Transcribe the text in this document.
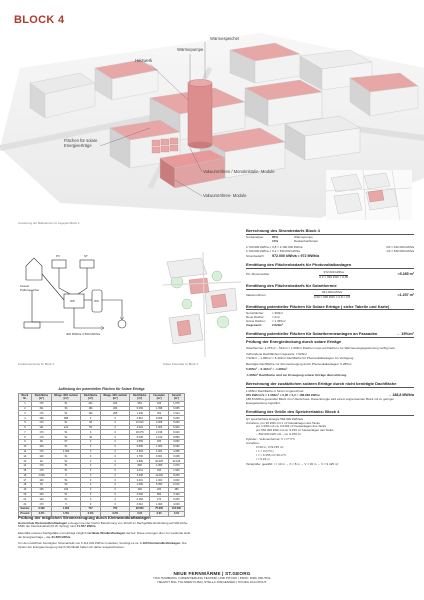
BLOCK 4
Wärmespeicher
Wärmepumpe
Heizwerk
Flächen für solare
Energieerträge
Vakuumröhren / Monokristalin- Module
Vakuumröhren- Module
Umsetzung der Maßnahmen im Lageplan Block 4
PV	ST
WP	WS
Kessel
Pufferspeicher
400 MWh/a 3.500 MWh/a
Funktionsschema für Block 4	Solare Potentiale im Block 4
Auflistung der potentiellen Flächen für Solare Erträge
Block Nr.	Dachfläche [m²]	Wrapp. 30% nutzbar [m²]	Dachfläche [m²]	Wrapp. 30% nutzbar [m²]	Dachfläche [m²]	Fassaden [m²]	Gesamt [m²]
1	170	51	221	223	664	434	1.076
2	311	93	181	264	6.009	1.098	9.065
3	170	51	191	265	1.136	302	1.614
4	169	988	0	0	4.516	9.008	5.060
5	170	51	28	0	13.010	2.065	9.009
6	131	121	56	0	4.024	1.900	5.900
7	170	51	0	0	18.076	2.198	9.040
8	170	51	40	0	9.038	1.109	8.880
9	90	57	0	0	4.509	400	4.830
10	100	51	0	0	9.506	1.003	8.092
11	170	1.000	0	0	2.304	1.001	4.086
12	140	61	0	0	1.700	9.001	9.008
13	40	51	0	0	2.806	40.025	44.105
14	170	51	0	0	800	1.060	1.070
15	170	51	0	0	1.011	910	1.900
16	1.009	0	0	0	3.008	11.000	8.050
17	100	51	0	0	2.001	1.000	3.000
18	40	50	0	0	1.006	6.050	8.010
19	125	190	0	0	400	200	480
20	130	51	0	0	3.000	800	3.100
21	120	51	0	0	6.160	170	6.000
22	170	5	0	0	3.010	1.000	4.030
Summe	3.109	1.600	717	752	93.000	75.000	154.000
Prozent	2.4%	1.6%	0.2%	0.2%	0.04	0.03	0.04
Prüfung der möglichen Stromerzeugung durch Kleinwindkraftanlagen
Horizontale Kleinwindkraftanlagen erzeugen bei der hierfür Berechnung von 19 kW im Dachgefälle Einbindung auf 300 Höhe MWh der Kleinwindkraft (Kl.W. Spring) rund 71.557 kWh/a
Ebenfalls unseres Dachgefälle und einträgt möglich vertikale Windkraftanlagen derzeit. Diese erzeugen über zur Laufende Höfe der Energieerträge ~ ca. 31.680 kWh/a
Um den restlichen benötigten Stromanteils von 6.114.034 kWh/a zu decken, benötigt es ca. 1.190 Kleinwindkraftanlagen. Die Option der Energieerzeugung durch Windkraft haben wir daher ausgeschlossen.
Berechnung des Strombedarfs Block 4
Grobanalyse:	85%	Wärmepumpe
15%	Deckenheizkörper
2.700.000 kWh/a × 0,8 = 2.160.000 kWh/a	2/3 = 432.000 kWh/a
2.700.000 kWh/a × 0,2 = 540.000 kWh/a	1/3 = 540.000 kWh/a
Strombedarf=	972.000 kWh/a ≈ 972 MWh/a
Ermittlung des Flächenbedarfs für Photovoltaikanlagen
PV- Monomodule:	$\frac{\text{972.000 kWh/a}}{\text{0,2 × 990 kWh × 0,95}}$	≈5.285 m²
Ermittlung des Flächenbedarfs für Solarthermie
Vakuumröhren:	$\frac{\text{391.000 kWh/a}}{\text{0,33 × 990 kWh × 0,8 × 0,8}}$	≈1.257 m²
Ermittlung potentieller Flächen für Solare Erträge ( siehe Tabelle und Karte)
Nord-Dächer:	≈ 390m²
Neue Dächer:	≈ 0m²
Grüne Dächer:	≈ 1.465m²
Insgesamt:	2.029m²
Ermittlung potentieller Flächen für Solarthermieanlagen an Fassaden	→ 15%m²
Prüfung der Energiedeckung durch solare Erträge
Solarthermie: 1.257m² – 534m² = 1.096m² Flächen muss auf Dächern zur Wärmeenergiegewinnung verfügt sein.
Vorhandene Dachflächen insgesamt: 7.529m²
7.529m² – 1.096m² = 6.432m² Dachfläche für Photovoltaikanlagen zur Verfügung
Benötigte Dachfläche zur Stromerzeugung durch Photovoltaikanlagen: 5.285m²
5.285m² – 6.432m² = -1.086m²
-1.086m² Dachfläche sind zur Erzeugung solarer Erträge überschüssig.
Berechnung der zusätzlichen solaren Erträge durch nicht benötigte Dachfläche
1.086m² Dachfläche in Strom umgerechnet:
950 kWh/m²a × 1.086m² × 0,95 × 0,2 = 188.883 kWh/a	→ 188,8 MWh/a
188,8 MWh/a genereller Block 4 im Überschuss. Diese Energie wird einem angrenzenden Block mit zu geringer Energieleistung zugeführt.
Ermittlung der Größe des Speichertanks: Block 4
Q= speicherbare Energie 562.000 kWh/a/a
Annahme: pro 90 kWh mit 1 m³ hausanlagen des Tanks
pro 1 kWh mit ca. 0,0163 m³ hausanlagen des Tanks
pro 562.000 kWh mit ca. 9.159 m³ hausanlagen des Tanks
~ 562.000 kWh mit ~ ca. 9.155 m³
Zylinder - Volumenformel: V = r²*π*h
Annahme:
h=30 m, V=9.155 m³
r = √ V/( h*π)
r = √ 9.155 m³/ 30 m*π
r = 9,22 m
Tankgröße: gewählt: r = 10 m → h = 8 m → V = 30 m → V = 9.425 m³
NEUE FERNWÄRME | ST.GEORG
HCU HAMBURG | ORIENTIERUNG TECHNIK UND PHYSIK | PROF. DIRK KRUTKE
HELMUT BILL TOLSDER KUBA | STELLA JÜRGENSEN | HOUDA ZALGHOUT
